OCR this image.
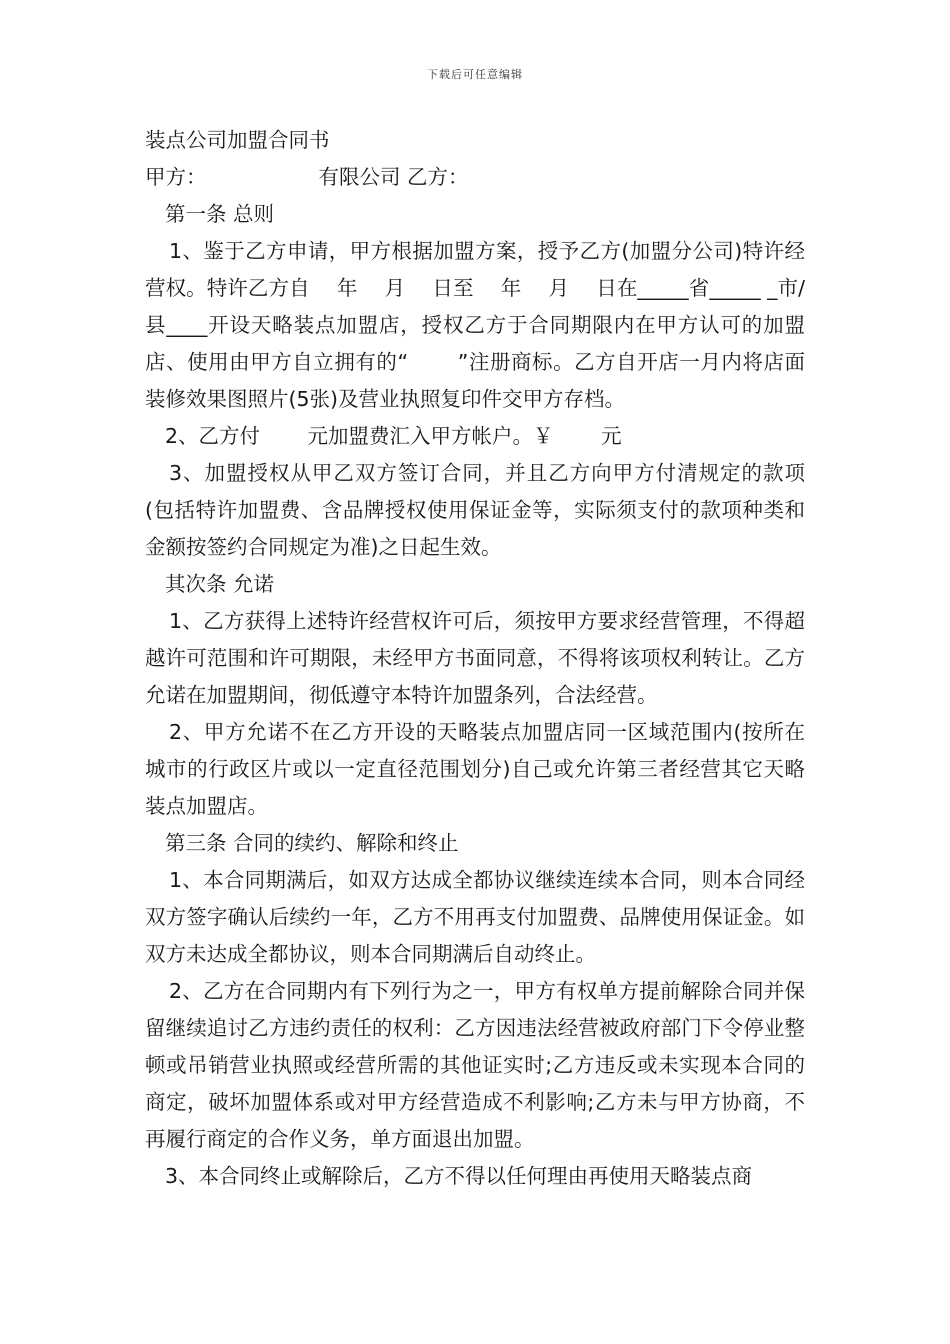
下载后可任意编辑

装点公司加盟合同书

甲方：	有限公司 乙方：

第一条 总则

1、鉴于乙方申请，甲方根据加盟方案，授予乙方(加盟分公司)特许经营权。特许乙方自　 年　 月　 日至　 年　 月　 日在_____省_____ _市/县____开设天略装点加盟店，授权乙方于合同期限内在甲方认可的加盟店、使用由甲方自立拥有的“　　 ”注册商标。乙方自开店一月内将店面装修效果图照片(5张)及营业执照复印件交甲方存档。

2、乙方付　　 元加盟费汇入甲方帐户。￥　　 元

3、加盟授权从甲乙双方签订合同，并且乙方向甲方付清规定的款项(包括特许加盟费、含品牌授权使用保证金等，实际须支付的款项种类和金额按签约合同规定为准)之日起生效。

其次条 允诺

1、乙方获得上述特许经营权许可后，须按甲方要求经营管理，不得超越许可范围和许可期限，未经甲方书面同意，不得将该项权利转让。乙方允诺在加盟期间，彻低遵守本特许加盟条列，合法经营。

2、甲方允诺不在乙方开设的天略装点加盟店同一区域范围内(按所在城市的行政区片或以一定直径范围划分)自己或允许第三者经营其它天略装点加盟店。

第三条 合同的续约、解除和终止

1、本合同期满后，如双方达成全都协议继续连续本合同，则本合同经双方签字确认后续约一年，乙方不用再支付加盟费、品牌使用保证金。如双方未达成全都协议，则本合同期满后自动终止。

2、乙方在合同期内有下列行为之一，甲方有权单方提前解除合同并保留继续追讨乙方违约责任的权利：乙方因违法经营被政府部门下令停业整顿或吊销营业执照或经营所需的其他证实时;乙方违反或未实现本合同的商定，破坏加盟体系或对甲方经营造成不利影响;乙方未与甲方协商，不再履行商定的合作义务，单方面退出加盟。

3、本合同终止或解除后，乙方不得以任何理由再使用天略装点商
